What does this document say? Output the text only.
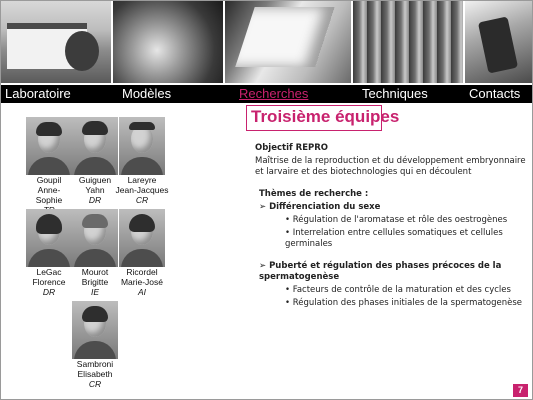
Laboratoire	Modèles	Recherches	Techniques	Contacts
Troisième équipes
Goupil
Anne-Sophie
Guiguen
Yahn
DR
Lareyre
Jean-Jacques
CR
LeGac
Florence
DR
Mourot
Brigitte
IE
Ricordel
Marie-José
AI
Sambroni
Elisabeth
CR
Objectif REPRO
Maîtrise de la reproduction et du développement embryonnaire
et larvaire et des biotechnologies qui en découlent
Thèmes de recherche :
➢ Différenciation du sexe
• Régulation de l'aromatase et rôle des oestrogènes
• Interrelation entre cellules somatiques et cellules
germinales
➢ Puberté et régulation des phases précoces de la
spermatogenèse
• Facteurs de contrôle de la maturation et des cycles
• Régulation des phases initiales de la spermatogenèse
7
